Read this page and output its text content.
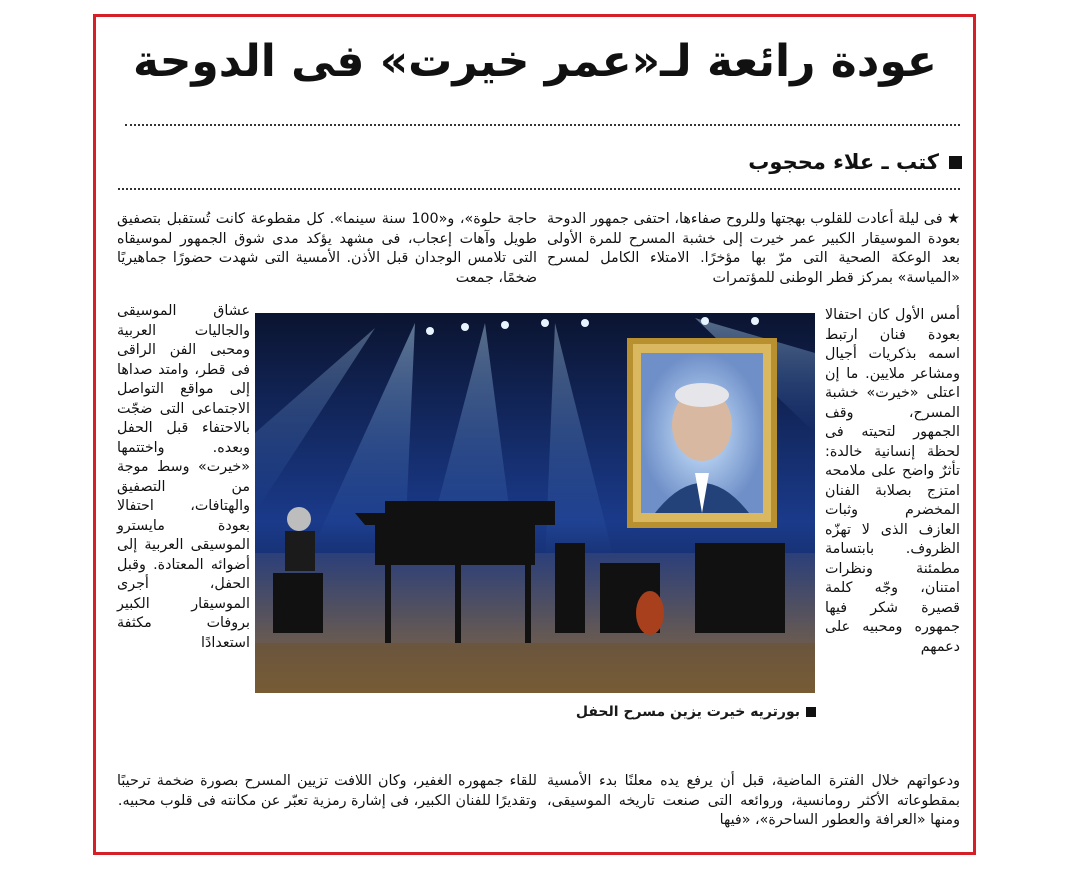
عودة رائعة لـ«عمر خيرت» فى الدوحة
كتب ـ علاء محجوب

★ فى ليلة أعادت للقلوب بهجتها وللروح صفاءها، احتفى جمهور الدوحة بعودة الموسيقار الكبير عمر خيرت إلى خشبة المسرح للمرة الأولى بعد الوعكة الصحية التى مرّ بها مؤخرًا. الامتلاء الكامل لمسرح «المياسة» بمركز قطر الوطنى للمؤتمرات

أمس الأول كان احتفالا بعودة فنان ارتبط اسمه بذكريات أجيال ومشاعر ملايين. ما إن اعتلى «خيرت» خشبة المسرح، وقف الجمهور لتحيته فى لحظة إنسانية خالدة: تأثرٌ واضح على ملامحه امتزج بصلابة الفنان المخضرم وثبات العازف الذى لا تهزّه الظروف. بابتسامة مطمئنة ونظرات امتنان، وجّه كلمة قصيرة شكر فيها جمهوره ومحبيه على دعمهم

ودعواتهم خلال الفترة الماضية، قبل أن يرفع يده معلنًا بدء الأمسية بمقطوعاته الأكثر رومانسية، وروائعه التى صنعت تاريخه الموسيقى، ومنها «العرافة والعطور الساحرة»، «فيها

حاجة حلوة»، و«100 سنة سينما». كل مقطوعة كانت تُستقبل بتصفيق طويل وآهات إعجاب، فى مشهد يؤكد مدى شوق الجمهور لموسيقاه التى تلامس الوجدان قبل الأذن. الأمسية التى شهدت حضورًا جماهيريًا ضخمًا، جمعت

عشاق الموسيقى والجاليات العربية ومحبى الفن الراقى فى قطر، وامتد صداها إلى مواقع التواصل الاجتماعى التى ضجّت بالاحتفاء قبل الحفل وبعده. واختتمها «خيرت» وسط موجة من التصفيق والهتافات، احتفالا بعودة مايسترو الموسيقى العربية إلى أضوائه المعتادة. وقبل الحفل، أجرى الموسيقار الكبير بروفات مكثفة استعدادًا

للقاء جمهوره الغفير، وكان اللافت تزيين المسرح بصورة ضخمة ترحيبًا وتقديرًا للفنان الكبير، فى إشارة رمزية تعبّر عن مكانته فى قلوب محبيه.

بورتريه خيرت يزين مسرح الحفل
